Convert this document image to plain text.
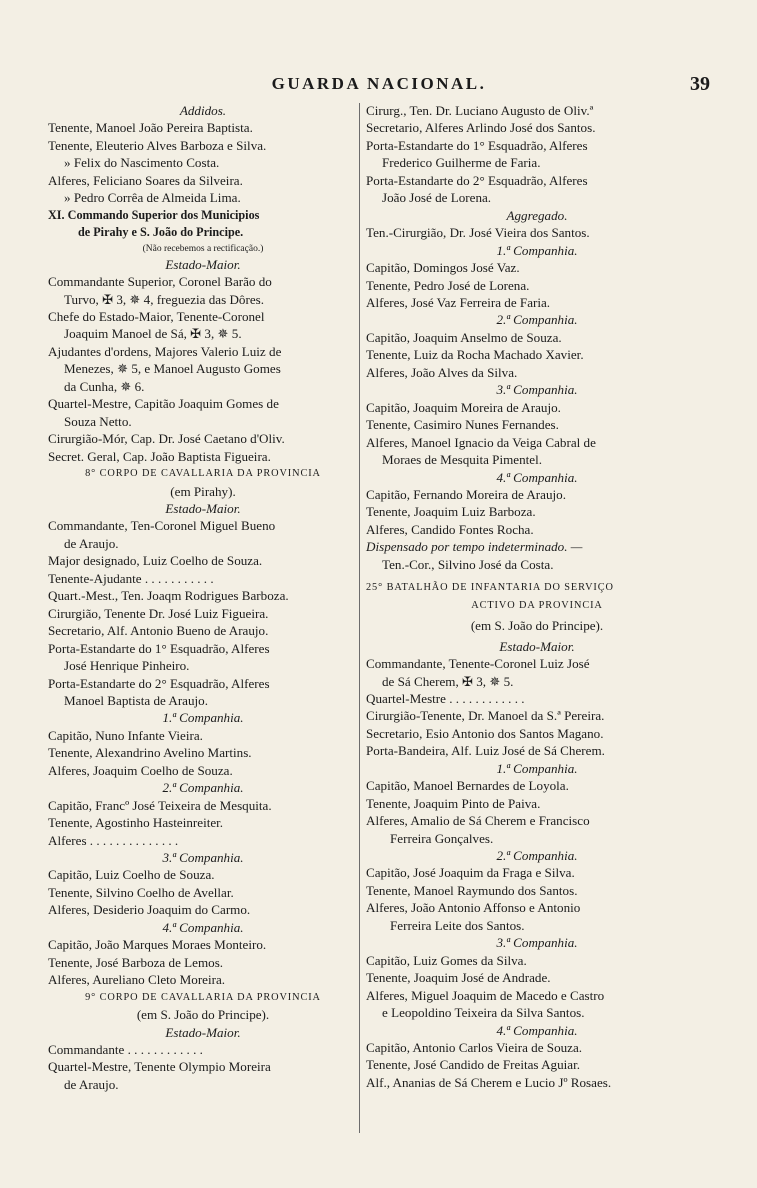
GUARDA NACIONAL.	39
Addidos.
Tenente, Manoel João Pereira Baptista.
Tenente, Eleuterio Alves Barboza e Silva.
» Felix do Nascimento Costa.
Alferes, Feliciano Soares da Silveira.
» Pedro Corrêa de Almeida Lima.
XI. Commando Superior dos Municipios
de Pirahy e S. João do Principe.
(Não recebemos a rectificação.)
Estado-Maior.
Commandante Superior, Coronel Barão do
Turvo, ✠ 3, ✵ 4, freguezia das Dôres.
Chefe do Estado-Maior, Tenente-Coronel
Joaquim Manoel de Sá, ✠ 3, ✵ 5.
Ajudantes d'ordens, Majores Valerio Luiz de
Menezes, ✵ 5, e Manoel Augusto Gomes
da Cunha, ✵ 6.
Quartel-Mestre, Capitão Joaquim Gomes de
Souza Netto.
Cirurgião-Mór, Cap. Dr. José Caetano d'Oliv.
Secret. Geral, Cap. João Baptista Figueira.
8° CORPO DE CAVALLARIA DA PROVINCIA
(em Pirahy).
Estado-Maior.
Commandante, Ten-Coronel Miguel Bueno
de Araujo.
Major designado, Luiz Coelho de Souza.
Tenente-Ajudante . . . . . . . . . . .
Quart.-Mest., Ten. Joaqm Rodrigues Barboza.
Cirurgião, Tenente Dr. José Luiz Figueira.
Secretario, Alf. Antonio Bueno de Araujo.
Porta-Estandarte do 1° Esquadrão, Alferes
José Henrique Pinheiro.
Porta-Estandarte do 2° Esquadrão, Alferes
Manoel Baptista de Araujo.
1.ª Companhia.
Capitão, Nuno Infante Vieira.
Tenente, Alexandrino Avelino Martins.
Alferes, Joaquim Coelho de Souza.
2.ª Companhia.
Capitão, Francº José Teixeira de Mesquita.
Tenente, Agostinho Hasteinreiter.
Alferes . . . . . . . . . . . . . .
3.ª Companhia.
Capitão, Luiz Coelho de Souza.
Tenente, Silvino Coelho de Avellar.
Alferes, Desiderio Joaquim do Carmo.
4.ª Companhia.
Capitão, João Marques Moraes Monteiro.
Tenente, José Barboza de Lemos.
Alferes, Aureliano Cleto Moreira.
9° CORPO DE CAVALLARIA DA PROVINCIA
(em S. João do Principe).
Estado-Maior.
Commandante . . . . . . . . . . . .
Quartel-Mestre, Tenente Olympio Moreira
de Araujo.
Cirurg., Ten. Dr. Luciano Augusto de Oliv.ª
Secretario, Alferes Arlindo José dos Santos.
Porta-Estandarte do 1° Esquadrão, Alferes
Frederico Guilherme de Faria.
Porta-Estandarte do 2° Esquadrão, Alferes
João José de Lorena.
Aggregado.
Ten.-Cirurgião, Dr. José Vieira dos Santos.
1.ª Companhia.
Capitão, Domingos José Vaz.
Tenente, Pedro José de Lorena.
Alferes, José Vaz Ferreira de Faria.
2.ª Companhia.
Capitão, Joaquim Anselmo de Souza.
Tenente, Luiz da Rocha Machado Xavier.
Alferes, João Alves da Silva.
3.ª Companhia.
Capitão, Joaquim Moreira de Araujo.
Tenente, Casimiro Nunes Fernandes.
Alferes, Manoel Ignacio da Veiga Cabral de
Moraes de Mesquita Pimentel.
4.ª Companhia.
Capitão, Fernando Moreira de Araujo.
Tenente, Joaquim Luiz Barboza.
Alferes, Candido Fontes Rocha.
Dispensado por tempo indeterminado. —
Ten.-Cor., Silvino José da Costa.
25° BATALHÃO DE INFANTARIA DO SERVIÇO
ACTIVO DA PROVINCIA
(em S. João do Principe).
Estado-Maior.
Commandante, Tenente-Coronel Luiz José
de Sá Cherem, ✠ 3, ✵ 5.
Quartel-Mestre . . . . . . . . . . . .
Cirurgião-Tenente, Dr. Manoel da S.ª Pereira.
Secretario, Esio Antonio dos Santos Magano.
Porta-Bandeira, Alf. Luiz José de Sá Cherem.
1.ª Companhia.
Capitão, Manoel Bernardes de Loyola.
Tenente, Joaquim Pinto de Paiva.
Alferes, Amalio de Sá Cherem e Francisco
Ferreira Gonçalves.
2.ª Companhia.
Capitão, José Joaquim da Fraga e Silva.
Tenente, Manoel Raymundo dos Santos.
Alferes, João Antonio Affonso e Antonio
Ferreira Leite dos Santos.
3.ª Companhia.
Capitão, Luiz Gomes da Silva.
Tenente, Joaquim José de Andrade.
Alferes, Miguel Joaquim de Macedo e Castro
e Leopoldino Teixeira da Silva Santos.
4.ª Companhia.
Capitão, Antonio Carlos Vieira de Souza.
Tenente, José Candido de Freitas Aguiar.
Alf., Ananias de Sá Cherem e Lucio Jº Rosaes.
